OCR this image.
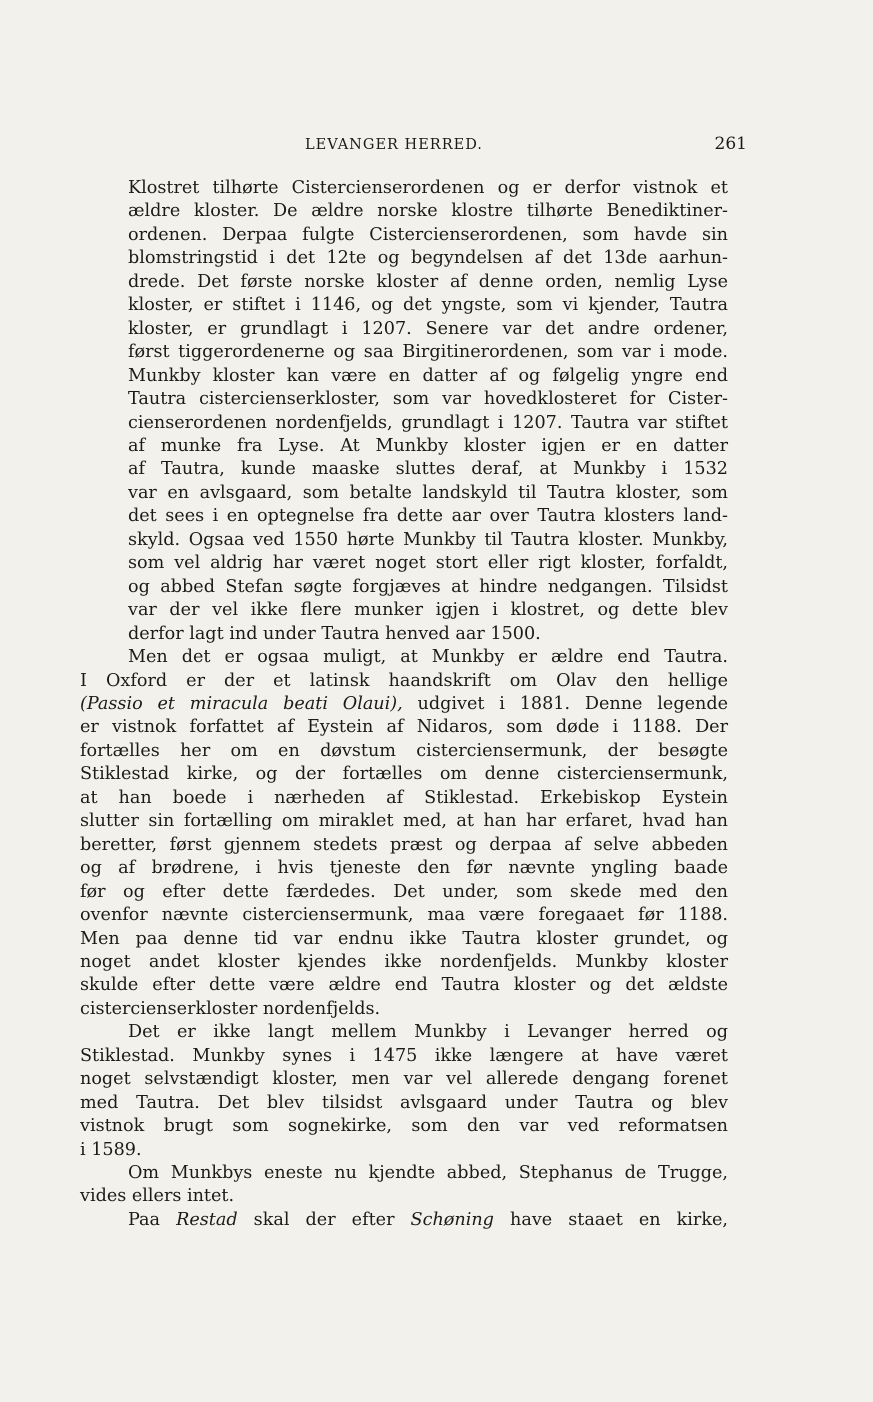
LEVANGER HERRED.	261

Klostret tilhørte Cistercienserordenen og er derfor vistnok et
ældre kloster. De ældre norske klostre tilhørte Benediktiner-
ordenen. Derpaa fulgte Cistercienserordenen, som havde sin
blomstringstid i det 12te og begyndelsen af det 13de aarhun-
drede. Det første norske kloster af denne orden, nemlig Lyse
kloster, er stiftet i 1146, og det yngste, som vi kjender, Tautra
kloster, er grundlagt i 1207. Senere var det andre ordener,
først tiggerordenerne og saa Birgitinerordenen, som var i mode.
Munkby kloster kan være en datter af og følgelig yngre end
Tautra cistercienserkloster, som var hovedklosteret for Cister-
cienserordenen nordenfjelds, grundlagt i 1207. Tautra var stiftet
af munke fra Lyse. At Munkby kloster igjen er en datter
af Tautra, kunde maaske sluttes deraf, at Munkby i 1532
var en avlsgaard, som betalte landskyld til Tautra kloster, som
det sees i en optegnelse fra dette aar over Tautra klosters land-
skyld. Ogsaa ved 1550 hørte Munkby til Tautra kloster. Munkby,
som vel aldrig har været noget stort eller rigt kloster, forfaldt,
og abbed Stefan søgte forgjæves at hindre nedgangen. Tilsidst
var der vel ikke flere munker igjen i klostret, og dette blev
derfor lagt ind under Tautra henved aar 1500.

Men det er ogsaa muligt, at Munkby er ældre end Tautra.
I Oxford er der et latinsk haandskrift om Olav den hellige
(Passio et miracula beati Olaui), udgivet i 1881. Denne legende
er vistnok forfattet af Eystein af Nidaros, som døde i 1188. Der
fortælles her om en døvstum cisterciensermunk, der besøgte
Stiklestad kirke, og der fortælles om denne cisterciensermunk,
at han boede i nærheden af Stiklestad. Erkebiskop Eystein
slutter sin fortælling om miraklet med, at han har erfaret, hvad han
beretter, først gjennem stedets præst og derpaa af selve abbeden
og af brødrene, i hvis tjeneste den før nævnte yngling baade
før og efter dette færdedes. Det under, som skede med den
ovenfor nævnte cisterciensermunk, maa være foregaaet før 1188.
Men paa denne tid var endnu ikke Tautra kloster grundet, og
noget andet kloster kjendes ikke nordenfjelds. Munkby kloster
skulde efter dette være ældre end Tautra kloster og det ældste
cistercienserkloster nordenfjelds.

Det er ikke langt mellem Munkby i Levanger herred og
Stiklestad. Munkby synes i 1475 ikke længere at have været
noget selvstændigt kloster, men var vel allerede dengang forenet
med Tautra. Det blev tilsidst avlsgaard under Tautra og blev
vistnok brugt som sognekirke, som den var ved reformatsen
i 1589.

Om Munkbys eneste nu kjendte abbed, Stephanus de Trugge,
vides ellers intet.

Paa Restad skal der efter Schøning have staaet en kirke,
